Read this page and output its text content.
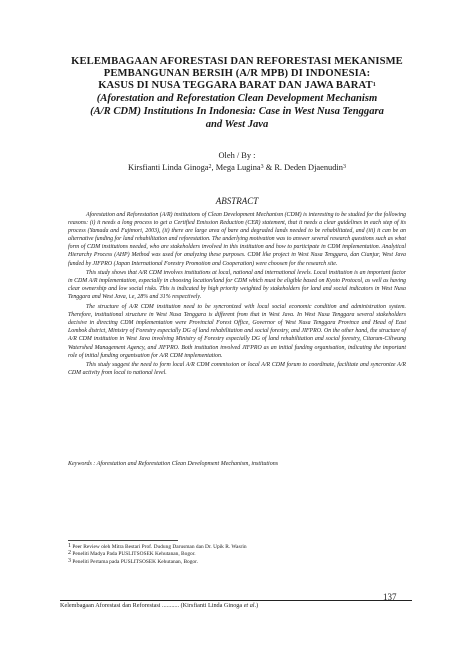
KELEMBAGAAN AFORESTASI DAN REFORESTASI MEKANISME
PEMBANGUNAN BERSIH (A/R MPB) DI INDONESIA:
KASUS DI NUSA TEGGARA BARAT DAN JAWA BARAT$^1$
(Aforestation and Reforestation Clean Development Mechanism
(A/R CDM) Institutions In Indonesia: Case in West Nusa Tenggara
and West Java
Oleh / By :
Kirsfianti Linda Ginoga$^2$, Mega Lugina$^3$ & R. Deden Djaenudin$^3$
ABSTRACT

Aforestation and Reforestation (A/R) institutions of Clean Development Mechanism (CDM) is interesting to be studied for the following reasons: (i) it needs a long process to get a Certified Emission Reduction (CER) statement, that it needs a clear guidelines in each step of its process (Yamada and Fujimori, 2003), (ii) there are large area of bare and degraded lands needed to be rehabilitated, and (iii) it can be an alternative funding for land rehabilitation and reforestation. The underlying motivation was to answer several research questions such as what form of CDM institutions needed, who are stakeholders involved in this institution and how to participate in CDM implementation. Analytical Hierarchy Process (AHP) Method was used for analyzing these purposes. CDM like project in West Nusa Tenggara, dan Cianjur, West Java funded by JIFPRO (Japan International Forestry Promotion and Cooperation) were choosen for the research site.

This study shows that A/R CDM involves institutions at local, national and international levels. Local institution is an important factor in CDM A/R implementation, especially in choosing location/land for CDM which must be eligible based on Kyoto Protocol, as well as having clear ownership and low social risks. This is indicated by high priority weighted by stakeholders for land and social indicators in West Nusa Tenggara and West Java, i.e, 28% and 31% respectively.

The structure of A/R CDM institution need to be syncronized with local social economic condition and administration system. Therefore, institutional structure in West Nusa Tenggara is different from that in West Java. In West Nusa Tenggara several stakeholders decisive in directing CDM implementation were Provincial Forest Office, Governor of West Nusa Tenggara Province and Head of East Lombok district, Ministry of Forestry especially DG of land rehabilitation and social forestry, and JIFPRO. On the other hand, the structure of A/R CDM institution in West Java involving Ministry of Forestry especially DG of land rehabilitation and social forestry, Citarum-Ciliwung Watershed Management Agency, and JIFPRO. Both institution involved JIFPRO as an initial funding organisation, indicating the important role of initial funding organisation for A/R CDM implementation.

This study suggest the need to form local A/R CDM commission or local A/R CDM forum to coordinate, facilitate and syncronize A/R CDM activity from local to national level.

Keywords : Aforestation and Reforestation Clean Development Mechanism, institutions
$^1$ Peer Review oleh Mitra Bestari Prof. Dudung Darusman dan Dr. Upik R. Wasrin
$^2$ Peneliti Madya Pada PUSLITSOSEK Kehutanan, Bogor.
$^3$ Peneliti Pertama pada PUSLITSOSEK Kehutanan, Bogor.
137
Kelembagaan Aforestasi dan Reforestasi ........... (Kirsfianti Linda Ginoga et al.)
